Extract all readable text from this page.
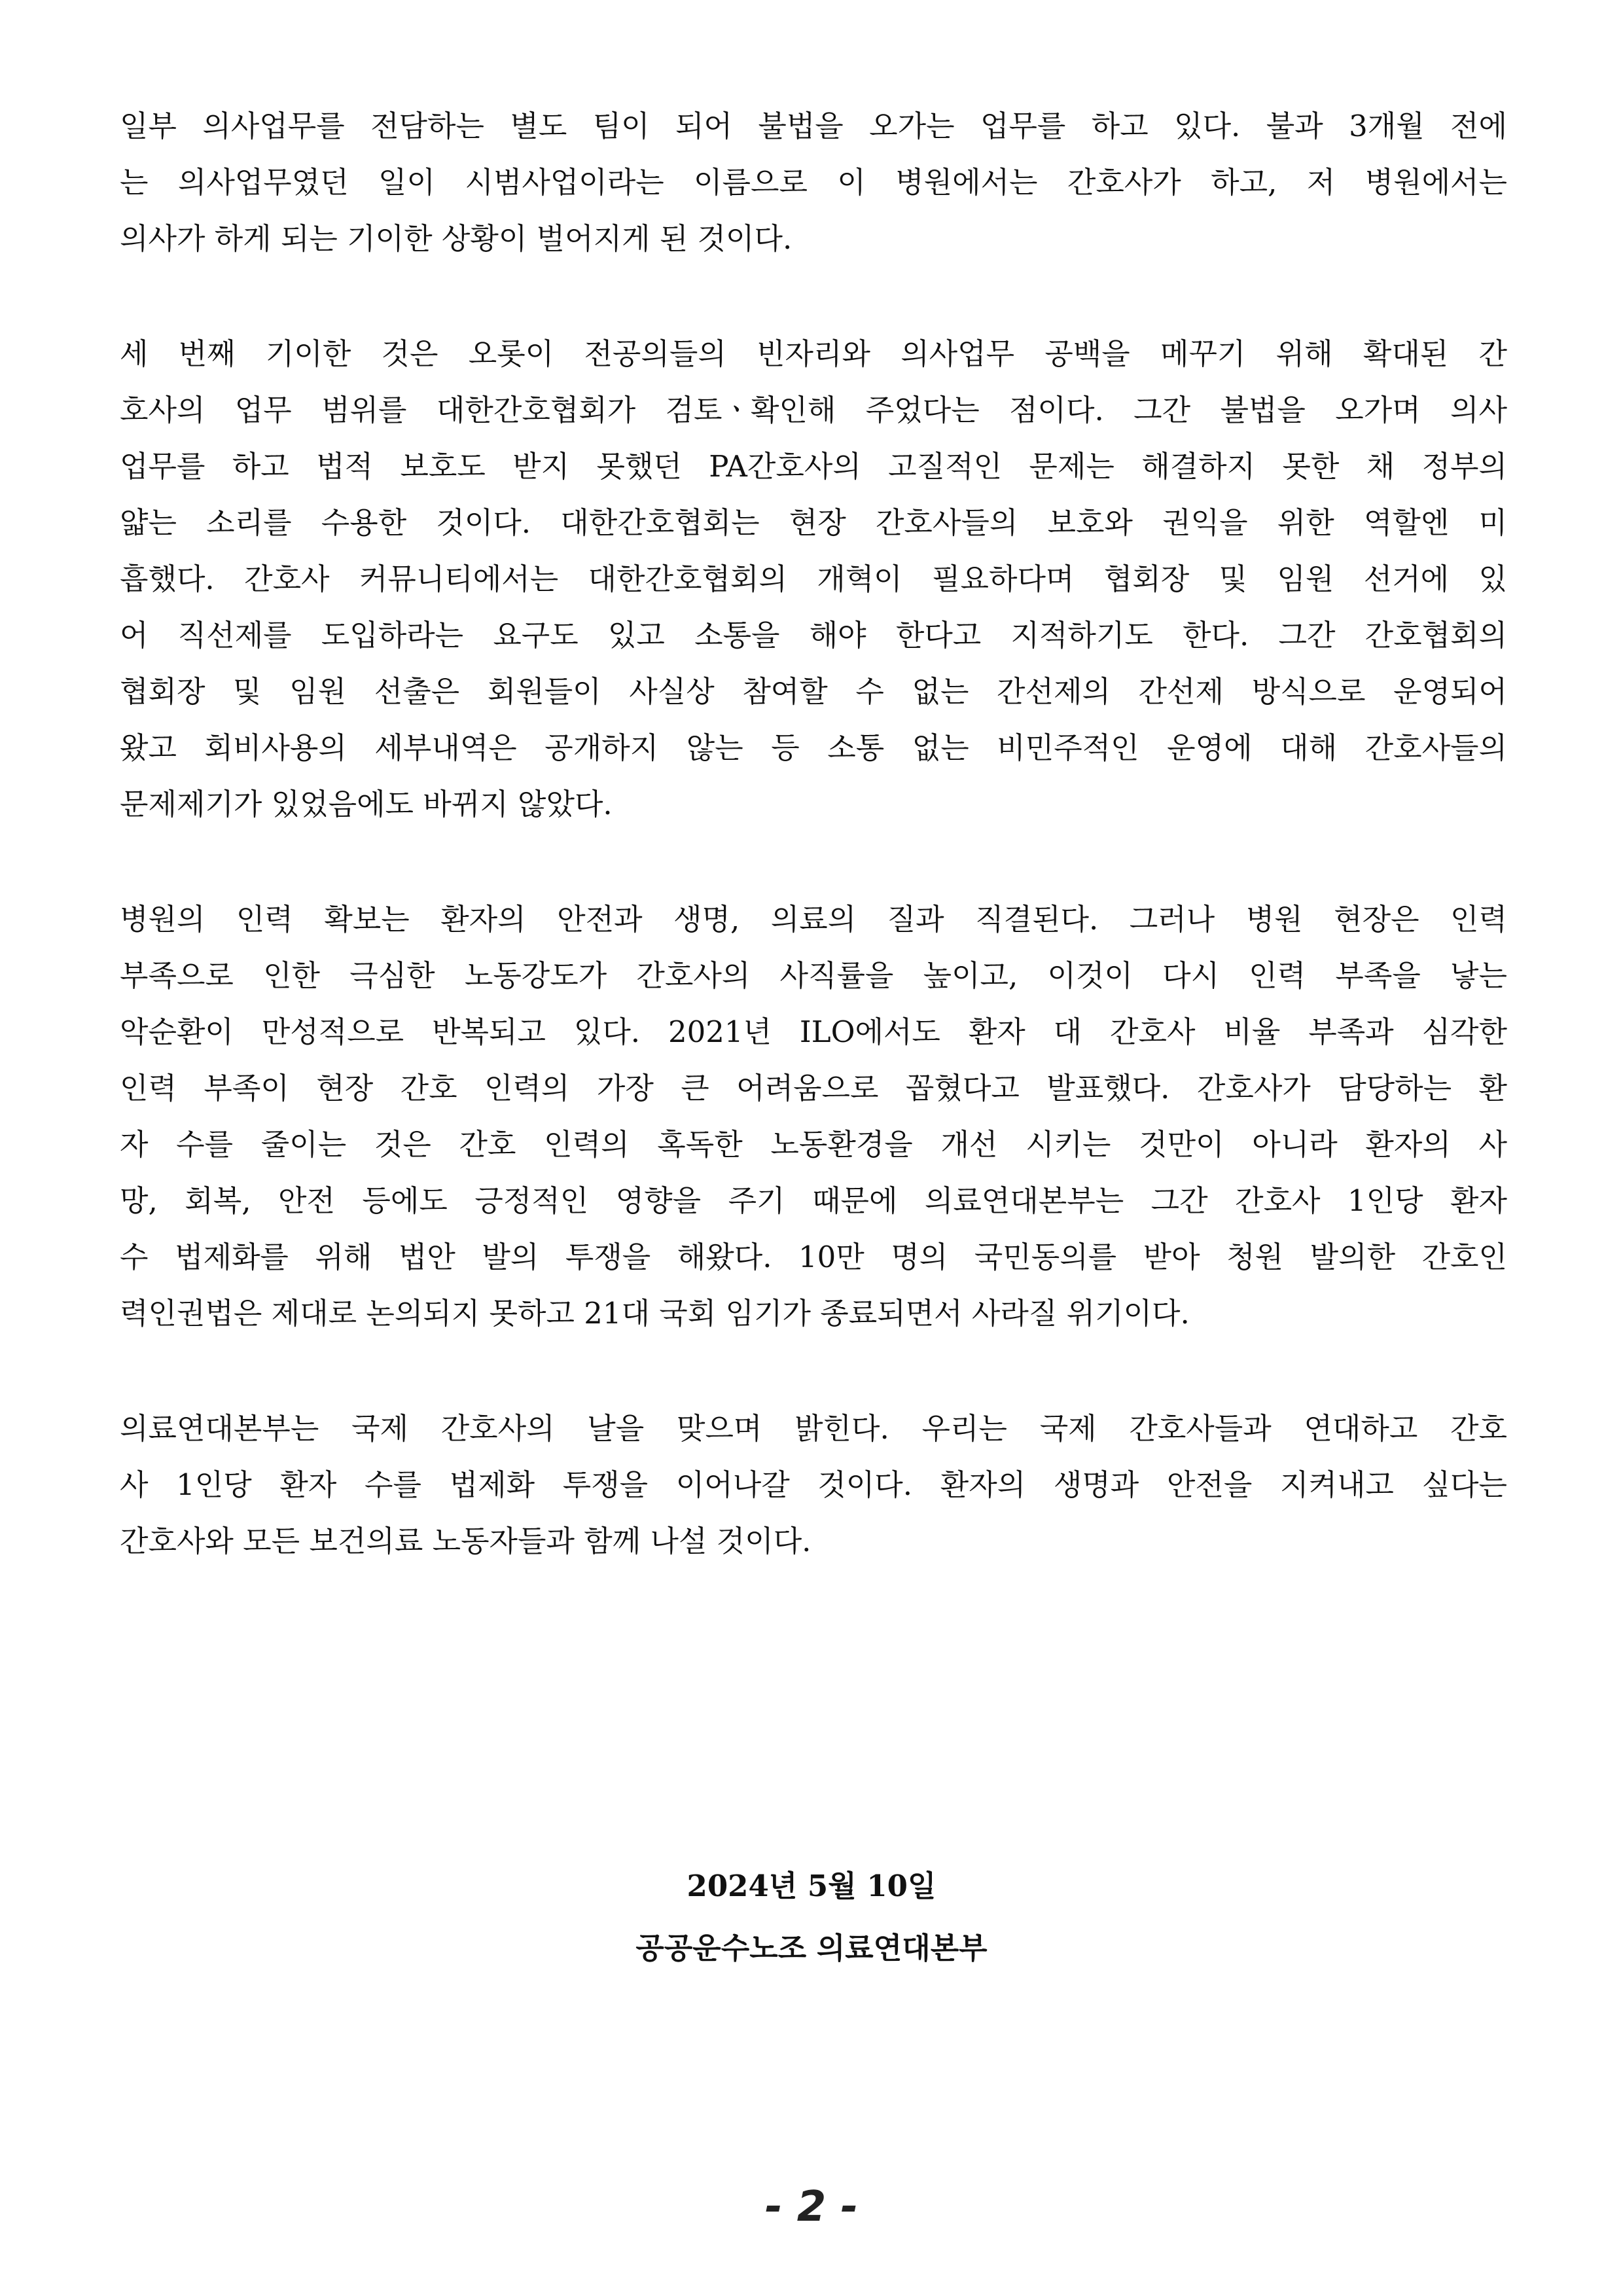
일부 의사업무를 전담하는 별도 팀이 되어 불법을 오가는 업무를 하고 있다. 불과 3개월 전에
는 의사업무였던 일이 시범사업이라는 이름으로 이 병원에서는 간호사가 하고, 저 병원에서는
의사가 하게 되는 기이한 상황이 벌어지게 된 것이다.
세 번째 기이한 것은 오롯이 전공의들의 빈자리와 의사업무 공백을 메꾸기 위해 확대된 간
호사의 업무 범위를 대한간호협회가 검토ㆍ확인해 주었다는 점이다. 그간 불법을 오가며 의사
업무를 하고 법적 보호도 받지 못했던 PA간호사의 고질적인 문제는 해결하지 못한 채 정부의
얇는 소리를 수용한 것이다. 대한간호협회는 현장 간호사들의 보호와 권익을 위한 역할엔 미
흡했다. 간호사 커뮤니티에서는 대한간호협회의 개혁이 필요하다며 협회장 및 임원 선거에 있
어 직선제를 도입하라는 요구도 있고 소통을 해야 한다고 지적하기도 한다. 그간 간호협회의
협회장 및 임원 선출은 회원들이 사실상 참여할 수 없는 간선제의 간선제 방식으로 운영되어
왔고 회비사용의 세부내역은 공개하지 않는 등 소통 없는 비민주적인 운영에 대해 간호사들의
문제제기가 있었음에도 바뀌지 않았다.
병원의 인력 확보는 환자의 안전과 생명, 의료의 질과 직결된다. 그러나 병원 현장은 인력
부족으로 인한 극심한 노동강도가 간호사의 사직률을 높이고, 이것이 다시 인력 부족을 낳는
악순환이 만성적으로 반복되고 있다. 2021년 ILO에서도 환자 대 간호사 비율 부족과 심각한
인력 부족이 현장 간호 인력의 가장 큰 어려움으로 꼽혔다고 발표했다. 간호사가 담당하는 환
자 수를 줄이는 것은 간호 인력의 혹독한 노동환경을 개선 시키는 것만이 아니라 환자의 사
망, 회복, 안전 등에도 긍정적인 영향을 주기 때문에 의료연대본부는 그간 간호사 1인당 환자
수 법제화를 위해 법안 발의 투쟁을 해왔다. 10만 명의 국민동의를 받아 청원 발의한 간호인
력인권법은 제대로 논의되지 못하고 21대 국회 임기가 종료되면서 사라질 위기이다.
의료연대본부는 국제 간호사의 날을 맞으며 밝힌다. 우리는 국제 간호사들과 연대하고 간호
사 1인당 환자 수를 법제화 투쟁을 이어나갈 것이다. 환자의 생명과 안전을 지켜내고 싶다는
간호사와 모든 보건의료 노동자들과 함께 나설 것이다.
2024년 5월 10일
공공운수노조 의료연대본부
- 2 -
